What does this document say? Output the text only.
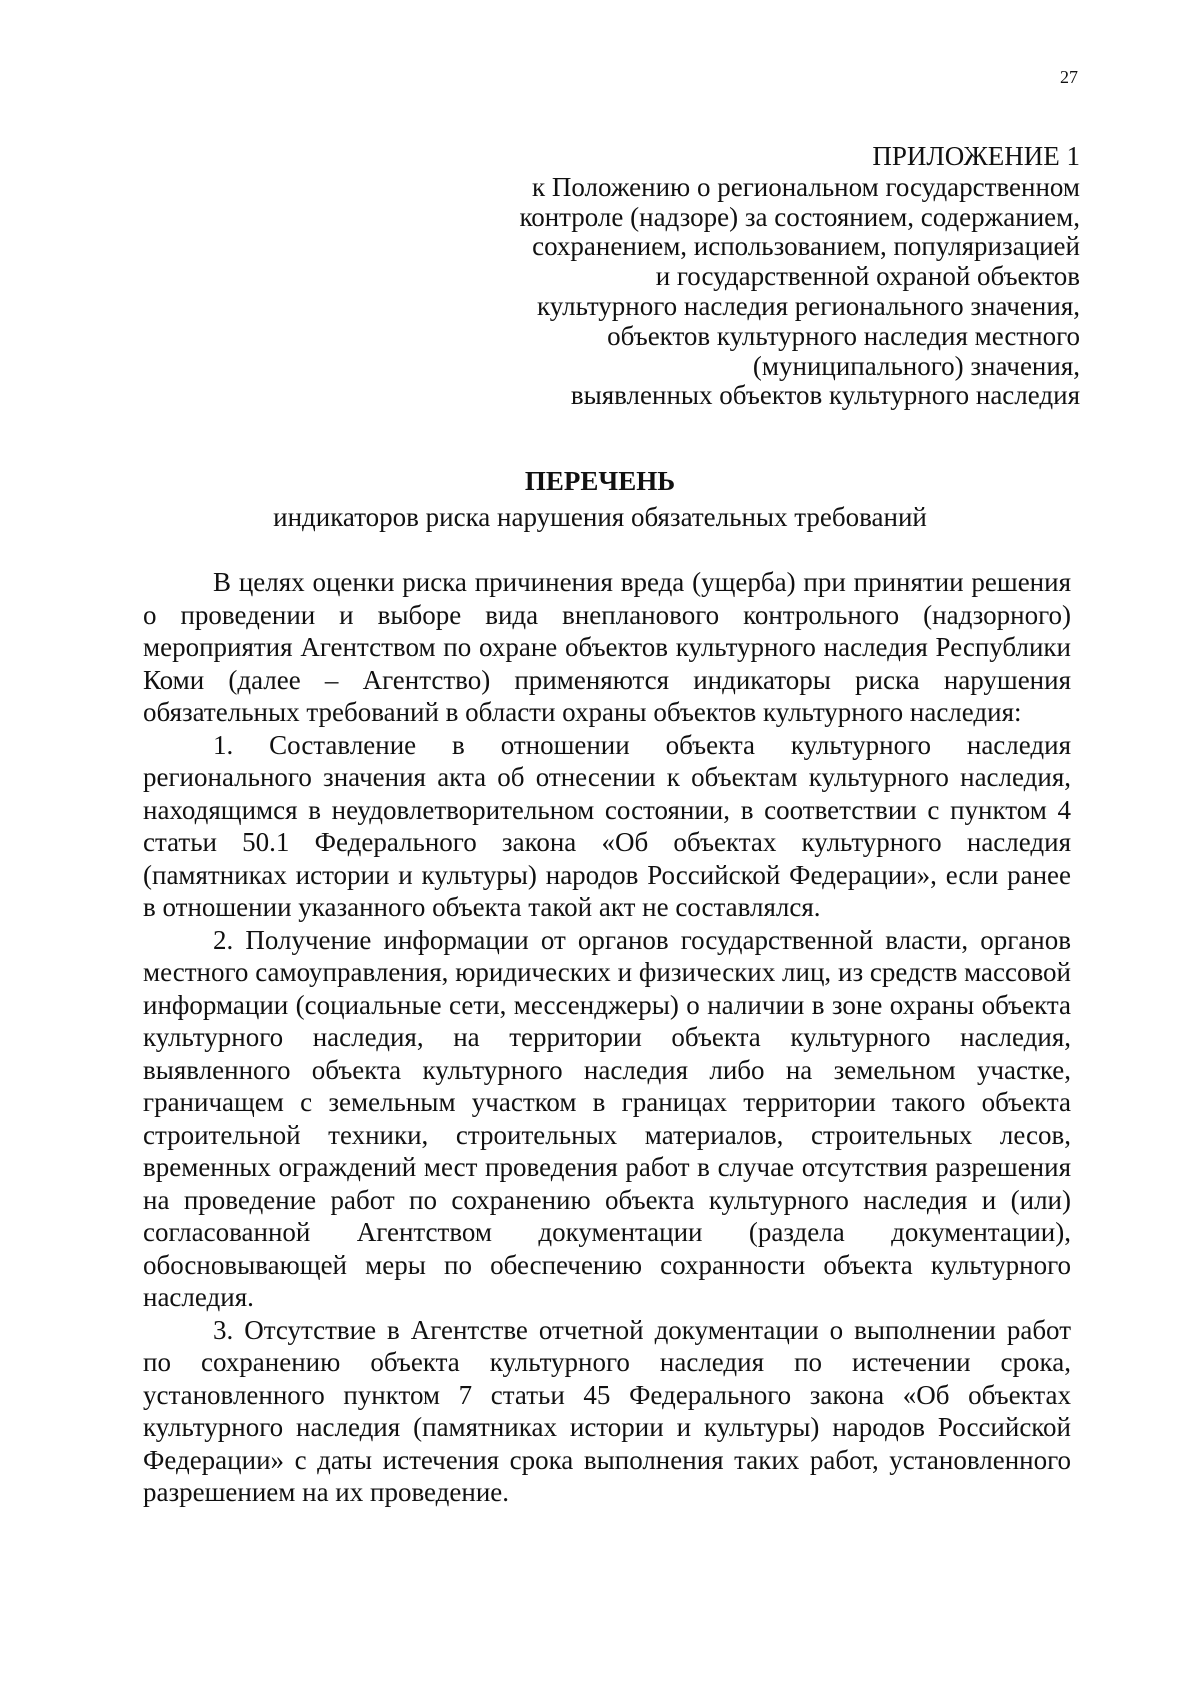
27
ПРИЛОЖЕНИЕ 1
к Положению о региональном государственном
контроле (надзоре) за состоянием, содержанием,
сохранением, использованием, популяризацией
и государственной охраной объектов
культурного наследия регионального значения,
объектов культурного наследия местного
(муниципального) значения,
выявленных объектов культурного наследия
ПЕРЕЧЕНЬ
индикаторов риска нарушения обязательных требований

В целях оценки риска причинения вреда (ущерба) при принятии решения о проведении и выборе вида внепланового контрольного (надзорного) мероприятия Агентством по охране объектов культурного наследия Республики Коми (далее – Агентство) применяются индикаторы риска нарушения обязательных требований в области охраны объектов культурного наследия:

1. Составление в отношении объекта культурного наследия регионального значения акта об отнесении к объектам культурного наследия, находящимся в неудовлетворительном состоянии, в соответствии с пунктом 4 статьи 50.1 Федерального закона «Об объектах культурного наследия (памятниках истории и культуры) народов Российской Федерации», если ранее в отношении указанного объекта такой акт не составлялся.

2. Получение информации от органов государственной власти, органов местного самоуправления, юридических и физических лиц, из средств массовой информации (социальные сети, мессенджеры) о наличии в зоне охраны объекта культурного наследия, на территории объекта культурного наследия, выявленного объекта культурного наследия либо на земельном участке, граничащем с земельным участком в границах территории такого объекта строительной техники, строительных материалов, строительных лесов, временных ограждений мест проведения работ в случае отсутствия разрешения на проведение работ по сохранению объекта культурного наследия и (или) согласованной Агентством документации (раздела документации), обосновывающей меры по обеспечению сохранности объекта культурного наследия.

3. Отсутствие в Агентстве отчетной документации о выполнении работ по сохранению объекта культурного наследия по истечении срока, установленного пунктом 7 статьи 45 Федерального закона «Об объектах культурного наследия (памятниках истории и культуры) народов Российской Федерации» с даты истечения срока выполнения таких работ, установленного разрешением на их проведение.
